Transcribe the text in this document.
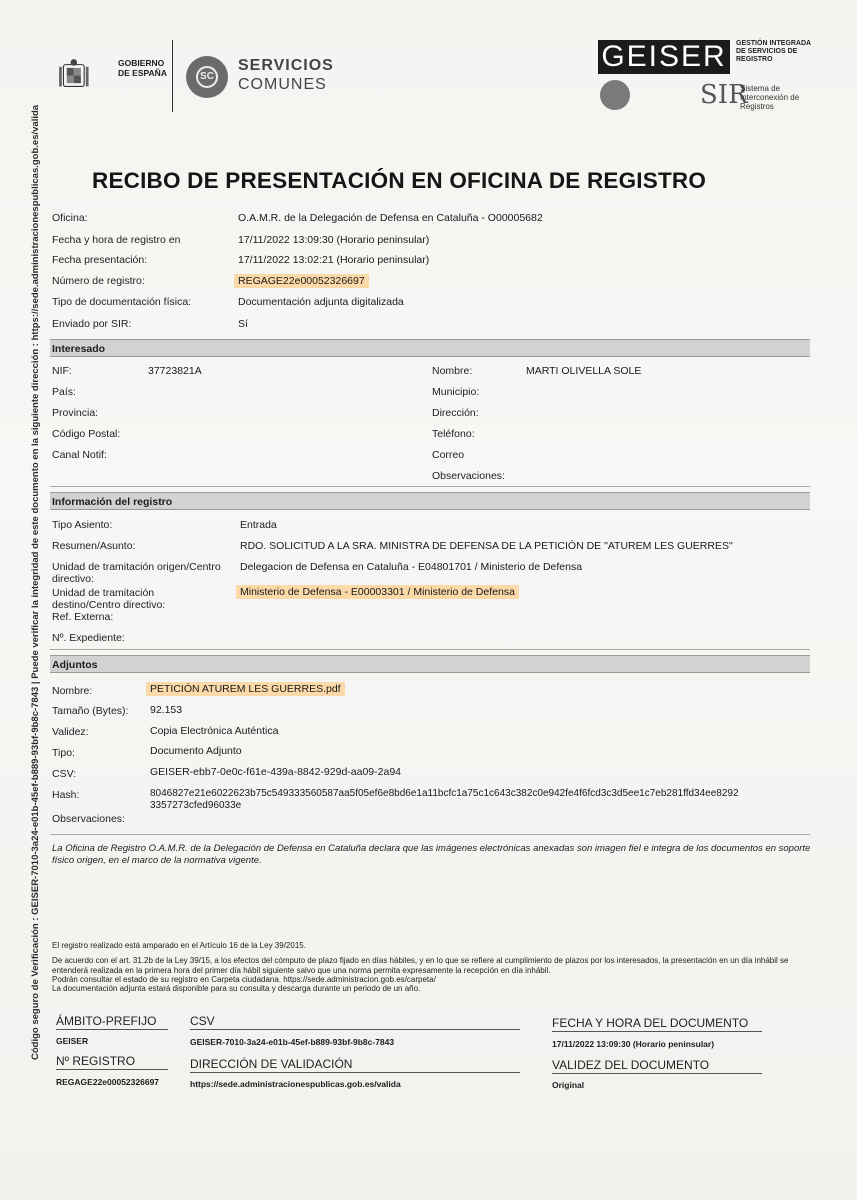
GOBIERNO DE ESPAÑA	SC
SERVICIOS
COMUNES
GEISER	GESTIÓN INTEGRADA DE SERVICIOS DE REGISTRO
SIR
Sistema de Interconexión de Registros
Código seguro de Verificación : GEISER-7010-3a24-e01b-45ef-b889-93bf-9b8c-7843 | Puede verificar la integridad de este documento en la siguiente dirección : https://sede.administracionespublicas.gob.es/valida RECIBO DE PRESENTACIÓN EN OFICINA DE REGISTRO
Oficina:	O.A.M.R. de la Delegación de Defensa en Cataluña - O00005682
Fecha y hora de registro en	17/11/2022 13:09:30 (Horario peninsular)
Fecha presentación:	17/11/2022 13:02:21 (Horario peninsular)
Número de registro:	REGAGE22e00052326697
Tipo de documentación física:	Documentación adjunta digitalizada
Enviado por SIR:	Sí
Interesado
NIF:	37723821A	Nombre:	MARTI OLIVELLA SOLE
País:	Municipio:
Provincia:	Dirección:
Código Postal:	Teléfono:
Canal Notif:	Correo
Observaciones:
Información del registro
Tipo Asiento:	Entrada
Resumen/Asunto:	RDO. SOLICITUD A LA SRA. MINISTRA DE DEFENSA DE LA PETICIÓN DE "ATUREM LES GUERRES"
Unidad de tramitación origen/Centro
directivo:
Delegacion de Defensa en Cataluña - E04801701 / Ministerio de Defensa
Unidad de tramitación
destino/Centro directivo:
Ministerio de Defensa - E00003301 / Ministerio de Defensa
Ref. Externa:
Nº. Expediente:
Adjuntos
Nombre:	PETICIÓN ATUREM LES GUERRES.pdf
Tamaño (Bytes): 92.153
Validez:	Copia Electrónica Auténtica
Tipo:	Documento Adjunto
CSV:	GEISER-ebb7-0e0c-f61e-439a-8842-929d-aa09-2a94
Hash:	8046827e21e6022623b75c549333560587aa5f05ef6e8bd6e1a11bcfc1a75c1c643c382c0e942fe4f6fcd3c3d5ee1c7eb281ffd34ee8292
3357273cfed96033e
Observaciones:
La Oficina de Registro O.A.M.R. de la Delegación de Defensa en Cataluña declara que las imágenes electrónicas anexadas son imagen fiel e integra de los documentos en soporte físico origen, en el marco de la normativa vigente.
El registro realizado está amparado en el Artículo 16 de la Ley 39/2015.
De acuerdo con el art. 31.2b de la Ley 39/15, a los efectos del cómputo de plazo fijado en días hábiles, y en lo que se refiere al cumplimiento de plazos por los interesados, la presentación en un día inhábil se entenderá realizada en la primera hora del primer día hábil siguiente salvo que una norma permita expresamente la recepción en día inhábil.
Podrán consultar el estado de su registro en Carpeta ciudadana. https://sede.administracion.gob.es/carpeta/
La documentación adjunta estará disponible para su consulta y descarga durante un periodo de un año.
ÁMBITO-PREFIJO
GEISER
CSV
GEISER-7010-3a24-e01b-45ef-b889-93bf-9b8c-7843
FECHA Y HORA DEL DOCUMENTO
17/11/2022 13:09:30 (Horario peninsular)
Nº REGISTRO
REGAGE22e00052326697
DIRECCIÓN DE VALIDACIÓN
https://sede.administracionespublicas.gob.es/valida
VALIDEZ DEL DOCUMENTO
Original
